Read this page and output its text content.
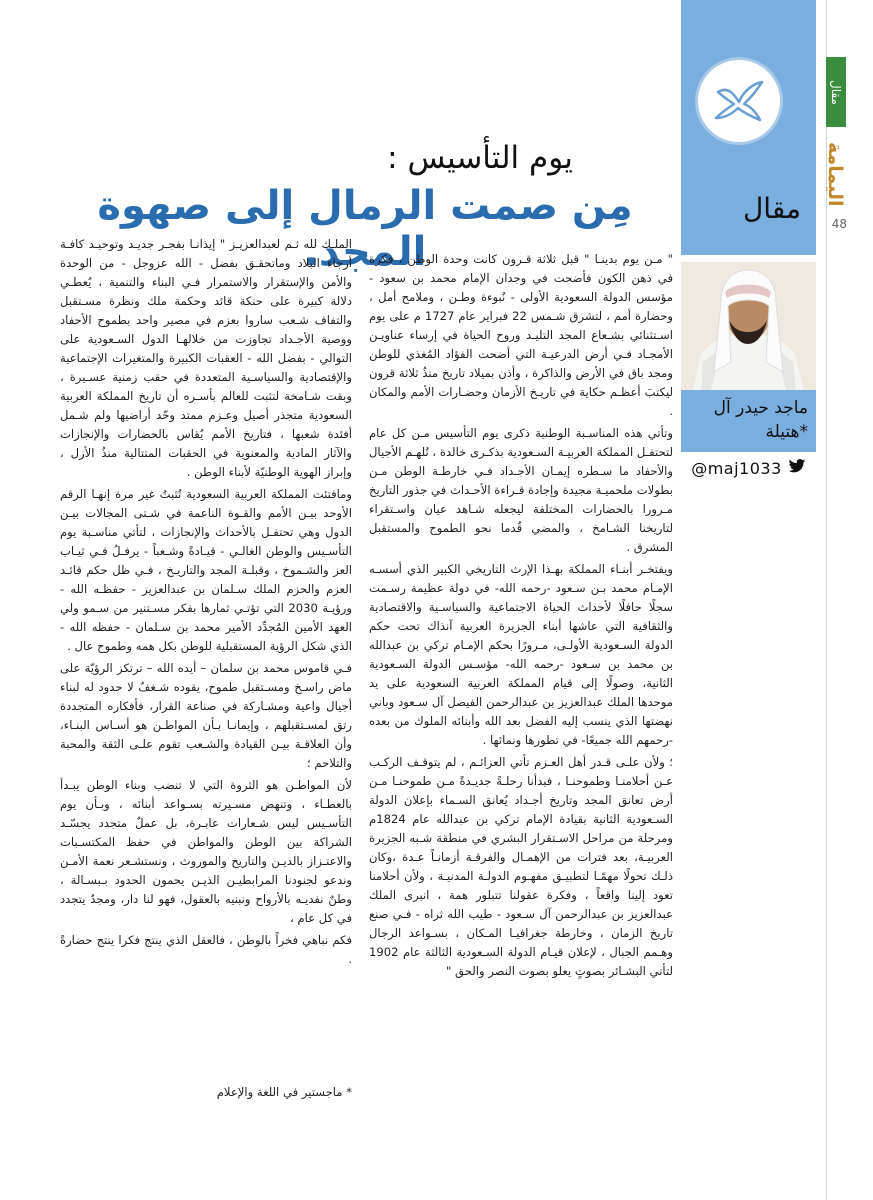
مقال
اليمامة
48
مقال
ماجد حيدر آل
هتيلة*
@maj1033
يوم التأسيس :
مِن صمت الرمال إلى صهوة المجد.

" مـن يوم بدينـا " قبل ثلاثة قـرون كانت وحدة الوطن ، فكرة في ذهن الكون فأضحت في وجدان الإمام محمد بن سعود - مؤسس الدولة السعودية الأولى - نُبوءة وطـن ، وملامح أمل ، وحضارة أمم ، لتشرق شـمس 22 فبراير عام 1727 م على يوم اسـتثنائي بشـعاع المجد التليـد وروح الحياة في إرساء عناويـن الأمجـاد فـي أرض الدرعيـة التي أضحت الفؤاد المُغذي للوطن ومجد باق في الأرض والذاكرة ، وأذن بميلاد تاريخ منذُ ثلاثة قرون ليكتبَ أعظـم حكاية في تاريـخ الأزمان وحضـارات الأمم والمكان .

وتأتي هذه المناسـبة الوطنية ذكرى يوم التأسيس مـن كل عام لتحتفـل المملكة العربيـة السـعودية بذكـرى خالدة ، تُلهـم الأجيال والأحفاد ما سـطره إيمـان الأجـداد فـي خارطـة الوطن مـن بطولات ملحميـة مجيدة وإجادة قـراءة الأحـداث في جذور التاريخ مـرورا بالحضارات المختلفة ليجعله شـاهد عيان واسـتقراء لتاريخنا الشـامخ ، والمضي قُدما نحو الطموح والمستقبل المشرق .

ويفتخـر أبنـاء المملكة بهـذا الإرث التاريخي الكبير الذي أسسـه الإمـام محمد بـن سـعود -رحمه الله- في دولة عظيمة رسـمت سجلًا حافلًا لأحداث الحياة الاجتماعية والسياسـية والاقتصادية والثقافية التي عاشها أبناء الجزيرة العربية آنذاك تحت حكم الدولة السـعودية الأولـى، مـرورًا بحكم الإمـام تركي بن عبدالله بن محمد بن سـعود -رحمه الله- مؤسـس الدولة السـعودية الثانية، وصولًا إلى قيام المملكة العربية السعودية على يد موحدها الملك عبدالعزيز بن عبدالرحمن الفيصل آل سـعود وباني نهضتها الذي ينسب إليه الفضل بعد الله وأبنائه الملوك من بعده -رحمهم الله جميعًا- في تطورها ونمائها .

؛ ولأن علـى قـدر أهل العـزم تأتي العزائـم ، لم يتوقـف الركـب عـن أحلامنـا وطموحنـا ، فبدأنا رحلـةً جديـدةً مـن طموحنـا مـن أرض تعانق المجد وتاريخ أجـداد يُعانق السـماء بإعلان الدولة السـعودية الثانية بقيادة الإمام تركي بن عبدالله عام 1824م ومرحلة من مراحل الاسـتقرار البشري في منطقة شـبه الجزيرة العربيـة، بعد فترات من الإهمـال والفرقـة أزمانـاً عـدة ،وكان ذلـك تحولًا مهمًـا لتطبيـق مفهـوم الدولـة المدنيـة ، ولأن أحلامنا تعود إلينا واقعاً ، وفكرة عقولنا تتبلور همة ، انبرى الملك عبدالعزيز بن عبدالرحمن آل سـعود - طيب الله ثراه - فـي صنع تاريخ الزمان ، وخارطة جغرافيـا المـكان ، بسـواعد الرجال وهـمم الجبال ، لإعلان قيـام الدولة السـعودية الثالثة عام 1902 لتأتي البشـائر بصوتٍ يعلو بصوت النصر والحق "

الملـك لله ثـم لعبدالعزيـز " إيذانـا بفجـر جديـد وتوحيـد كافـة أرجاء البلاد وماتحقـق بفضل - الله عزوجل - من الوحدة والأمن والإستقرار والاستمرار فـي البناء والتنمية ، يُعطـي دلالة كبيرة على حنكة قائد وحكمة ملك ونظرة مسـتقبل والتفاف شـعب ساروا بعزم في مصير واحد بطموح الأحفاد ووصية الأجـداد تجاوزت من خلالهـا الدول السـعودية على التوالي - بفضل الله - العقبات الكبيرة والمتغيرات الإجتماعية والإقتصادية والسياسـية المتعددة في حقب زمنية عسـيرة ، وبقت شـامخة لتثبت للعالم بأسـره أن تاريخ المملكة العربية السعودية متجذر أصيل وعـزم ممتد وحّد أراضيها ولم شـمل أفئدة شعبها ، فتاريخ الأمم يُقاس بالحضارات والإنجازات والآثار المادية والمعنوية في الحقبات المتتالية منذُ الأزل ، وإبراز الهوية الوطنيّة لأبناء الوطن .

ومافتئت المملكة العربية السعودية تُثبتُ غير مرة إنهـا الرقم الأوحد بيـن الأمم والقـوة الناعمة في شـتى المجالات بيـن الدول وهي تحتفـل بالأحداث والإنجازات ، لتأتي مناسـبة يوم التأسـيس والوطن الغالـي - قيـادةً وشـعباً - يرفـلُ فـي ثيـاب العز والشـموخ ، وقبلـة المجد والتاريـخ ، فـي ظل حكم قائـد العزم والحزم الملك سـلمان بن عبدالعزيز - حفظـه الله - ورؤيـة 2030 التي تؤتـي ثمارها بفكر مسـتنير من سـمو ولي العهد الأمين المُجدِّد الأمير محمد بن سـلمان - حفظه الله - الذي شكل الرؤية المستقبلية للوطن بكل همه وطموح عال .

فـي قاموس محمد بن سلمان – أيده الله – ترتكز الرؤيّة على ماض راسـخ ومسـتقبل طموح، يقوده شـغفٌ لا حدود له لبناء أجيال واعية ومشـاركة في صناعة القرار، فأفكاره المتجددة رتق لمسـتقبلهم ، وإيمانـا بـأن المواطـن هو أسـاس البنـاء، وأن العلاقـة بيـن القيادة والشـعب تقوم علـى الثقة والمحبة والتلاحم ؛

لأن المواطـن هو الثروة التي لا تنضب وبناء الوطن يبـدأ بالعطـاء ، وتنهض مسـيرته بسـواعد أبنائه ، وبـأن يوم التأسـيس ليس شـعارات عابـرة، بل عملٌ متجدد يجسّـد الشراكة بين الوطن والمواطن في حفظ المكتسـبات والاعتـزاز بالديـن والتاريخ والموروث ، ونستشـعر نعمة الأمـن وندعو لجنودنا المرابطيـن الذيـن يحمون الحدود بـبسـالة ، وطنٌ نفديـه بالأرواح ونبنيه بالعقول، فهو لنا دار، ومجدٌ يتجدد في كل عام ،

فكم نباهي فخراً بالوطن ، فالعقل الذي ينتج فكرا ينتج حضارةً .

* ماجستير في اللغة والإعلام
